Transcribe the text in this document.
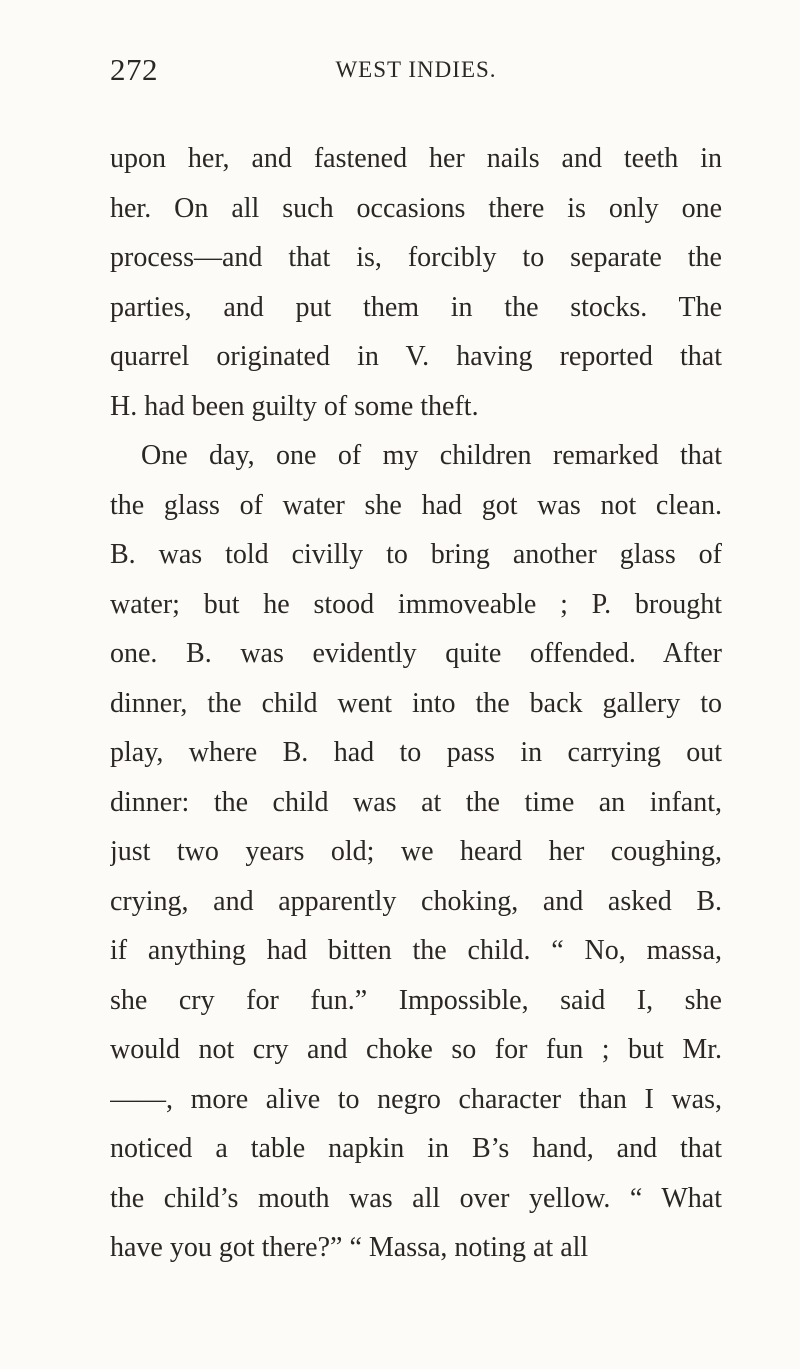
272	WEST INDIES.
upon her, and fastened her nails and teeth in
her. On all such occasions there is only one
process—and that is, forcibly to separate the
parties, and put them in the stocks. The
quarrel originated in V. having reported that
H. had been guilty of some theft.
One day, one of my children remarked that
the glass of water she had got was not clean.
B. was told civilly to bring another glass of
water; but he stood immoveable ; P. brought
one. B. was evidently quite offended. After
dinner, the child went into the back gallery to
play, where B. had to pass in carrying out
dinner: the child was at the time an infant,
just two years old; we heard her coughing,
crying, and apparently choking, and asked B.
if anything had bitten the child. “ No, massa,
she cry for fun.” Impossible, said I, she
would not cry and choke so for fun ; but Mr.
——, more alive to negro character than I was,
noticed a table napkin in B’s hand, and that
the child’s mouth was all over yellow. “ What
have you got there?” “ Massa, noting at all
